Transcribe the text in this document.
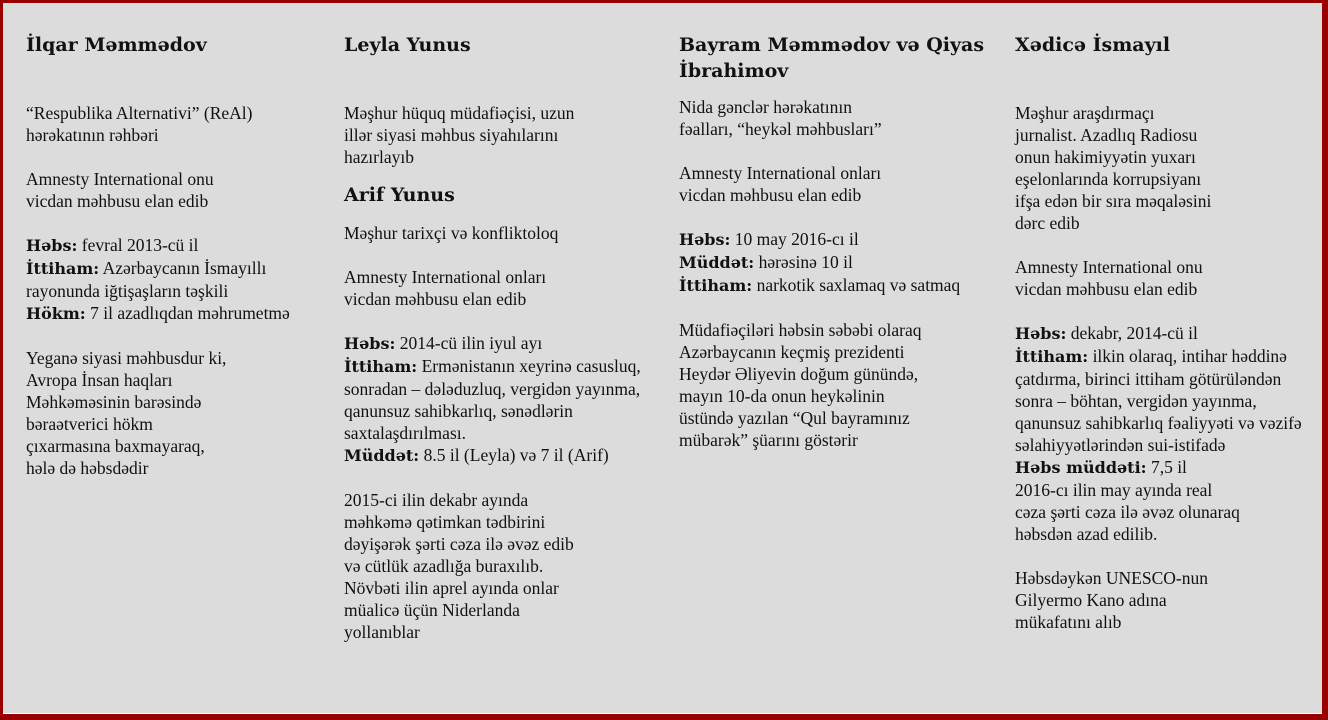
İlqar Məmmədov

“Respublika Alternativi” (ReAl)
hərəkatının rəhbəri

Amnesty International onu
vicdan məhbusu elan edib

Həbs: fevral 2013-cü il
İttiham: Azərbaycanın İsmayıllı rayonunda iğtişaşların təşkili
Hökm: 7 il azadlıqdan məhrumetmə

Yeganə siyasi məhbusdur ki,
Avropa İnsan haqları
Məhkəməsinin barəsində
bəraətverici hökm
çıxarmasına baxmayaraq,
hələ də həbsdədir

Leyla Yunus

Məşhur hüquq müdafiəçisi, uzun
illər siyasi məhbus siyahılarını
hazırlayıb

Arif Yunus

Məşhur tarixçi və konfliktoloq

Amnesty International onları
vicdan məhbusu elan edib

Həbs: 2014-cü ilin iyul ayı
İttiham: Ermənistanın xeyrinə casusluq, sonradan – dələduzluq, vergidən yayınma, qanunsuz sahibkarlıq, sənədlərin saxtalaşdırılması.
Müddət: 8.5 il (Leyla) və 7 il (Arif)

2015-ci ilin dekabr ayında
məhkəmə qətimkan tədbirini
dəyişərək şərti cəza ilə əvəz edib
və cütlük azadlığa buraxılıb.
Növbəti ilin aprel ayında onlar
müalicə üçün Niderlanda
yollanıblar

Bayram Məmmədov və Qiyas İbrahimov

Nida gənclər hərəkatının
fəalları, “heykəl məhbusları”

Amnesty International onları
vicdan məhbusu elan edib

Həbs: 10 may 2016-cı il
Müddət: hərəsinə 10 il
İttiham: narkotik saxlamaq və satmaq

Müdafiəçiləri həbsin səbəbi olaraq
Azərbaycanın keçmiş prezidenti
Heydər Əliyevin doğum günündə,
mayın 10-da onun heykəlinin
üstündə yazılan “Qul bayramınız
mübarək” şüarını göstərir

Xədicə İsmayıl

Məşhur araşdırmaçı
jurnalist. Azadlıq Radiosu
onun hakimiyyətin yuxarı
eşelonlarında korrupsiyanı
ifşa edən bir sıra məqaləsini
dərc edib

Amnesty International onu
vicdan məhbusu elan edib

Həbs: dekabr, 2014-cü il
İttiham: ilkin olaraq, intihar həddinə çatdırma, birinci ittiham götürüləndən sonra – böhtan, vergidən yayınma, qanunsuz sahibkarlıq fəaliyyəti və vəzifə səlahiyyətlərindən sui-istifadə
Həbs müddəti: 7,5 il

2016-cı ilin may ayında real
cəza şərti cəza ilə əvəz olunaraq
həbsdən azad edilib.

Həbsdəykən UNESCO-nun
Gilyermo Kano adına
mükafatını alıb
